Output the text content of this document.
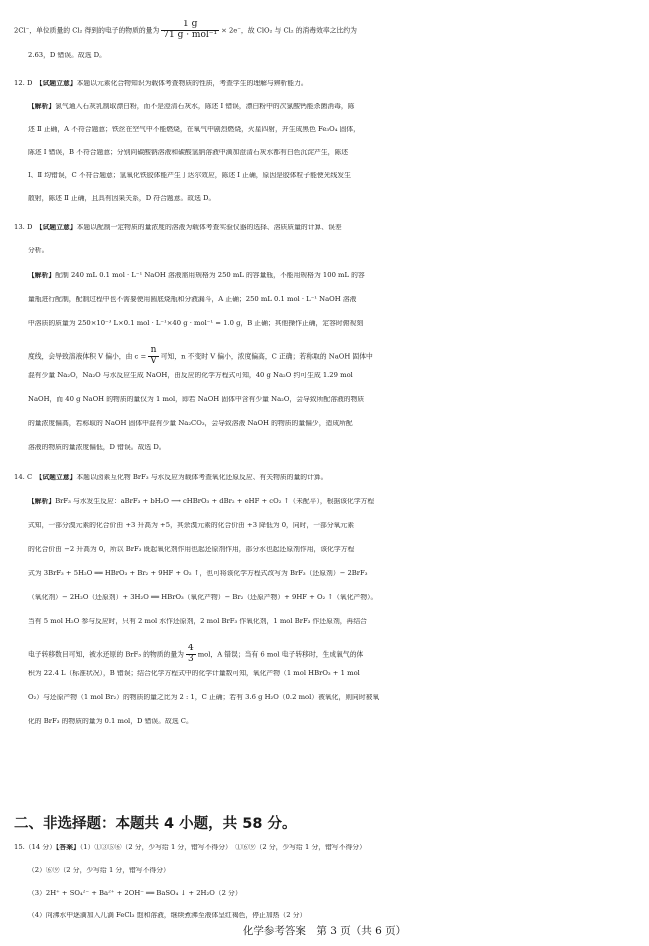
2Cl⁻，单位质量的 Cl₂ 得到的电子的物质的量为 $\frac{1 g}{\text{71 g · mol⁻¹}} \times 2e^-$，故 ClO₂ 与 Cl₂ 的消毒效率之比约为
2.63，D 错误。故选 D。
12. D　【试题立意】本题以元素化合物知识为载体考查物质的性质，考查学生的理解与辨析能力。
【解析】氯气通入石灰乳制取漂白粉，而不是澄清石灰水，陈述 Ⅰ 错误，漂白粉中的次氯酸钙能杀菌消毒，陈
述 Ⅱ 正确，A 不符合题意；铁丝在空气中不能燃烧，在氧气中剧烈燃烧，火星四射，并生成黑色 Fe₃O₄ 固体，
陈述 Ⅰ 错误，B 不符合题意；分别向碳酸钠溶液和碳酸氢钠溶液中滴加澄清石灰水都有白色沉淀产生，陈述
Ⅰ、Ⅱ 均错误，C 不符合题意；氢氧化铁胶体能产生丁达尔效应，陈述 Ⅰ 正确，原因是胶体粒子能使光线发生
散射，陈述 Ⅱ 正确，且具有因果关系，D 符合题意。故选 D。
13. D　【试题立意】本题以配制一定物质的量浓度的溶液为载体考查实验仪器的选择、溶质质量的计算、误差
分析。
【解析】配制 240 mL 0.1 mol · L⁻¹ NaOH 溶液需用规格为 250 mL 的容量瓶，不能用规格为 100 mL 的容
量瓶进行配制，配制过程中也不需要使用圆底烧瓶和分液漏斗，A 正确；250 mL 0.1 mol · L⁻¹ NaOH 溶液
中溶质的质量为 250×10⁻³ L×0.1 mol · L⁻¹×40 g · mol⁻¹ = 1.0 g，B 正确；其他操作正确，定容时俯视刻
度线，会导致溶液体积 V 偏小，由 $c = \frac{n}{V}$ 可知，n 不变时 V 偏小，浓度偏高，C 正确；若称取的 NaOH 固体中
混有少量 Na₂O，Na₂O 与水反应生成 NaOH，由反应的化学方程式可知，40 g Na₂O 约可生成 1.29 mol
NaOH，而 40 g NaOH 的物质的量仅为 1 mol，即若 NaOH 固体中含有少量 Na₂O，会导致所配溶液的物质
的量浓度偏高，若称取的 NaOH 固体中混有少量 Na₂CO₃，会导致溶液 NaOH 的物质的量偏少，造成所配
溶液的物质的量浓度偏低，D 错误。故选 D。
14. C　【试题立意】本题以卤素互化物 BrF₃ 与水反应为载体考查氧化还原反应、有关物质的量的计算。
【解析】BrF₃ 与水发生反应：aBrF₃ + bH₂O ⟶ cHBrO₃ + dBr₂ + eHF + cO₂ ↑（未配平），根据该化学方程
式知，一部分溴元素的化合价由 +3 升高为 +5，其余溴元素的化合价由 +3 降低为 0，同时，一部分氧元素
的化合价由 −2 升高为 0，所以 BrF₃ 既起氧化剂作用也起还原剂作用，部分水也起还原剂作用，该化学方程
式为 3BrF₃ + 5H₂O ══ HBrO₃ + Br₂ + 9HF + O₂ ↑，也可将该化学方程式改写为 BrF₃（还原剂）− 2BrF₃
（氧化剂）− 2H₂O（还原剂）+ 3H₂O ══ HBrO₃（氧化产物）− Br₂（还原产物）+ 9HF + O₂ ↑（氧化产物）。
当有 5 mol H₂O 参与反应时，只有 2 mol 水作还原剂，2 mol BrF₃ 作氧化剂，1 mol BrF₃ 作还原剂，再结合
电子转移数目可知，被水还原的 BrF₃ 的物质的量为 $\frac{4}{3}$ mol，A 错误；当有 6 mol 电子转移时，生成氧气的体
积为 22.4 L（标准状况），B 错误；结合化学方程式中的化学计量数可知，氧化产物（1 mol HBrO₃ + 1 mol
O₂）与还原产物（1 mol Br₂）的物质的量之比为 2 : 1，C 正确；若有 3.6 g H₂O（0.2 mol）被氧化，则同时被氧
化的 BrF₃ 的物质的量为 0.1 mol，D 错误。故选 C。
15.（14 分）【答案】（1）①③⑤⑥（2 分，少写给 1 分，错写不得分）　①⑥⑨（2 分，少写给 1 分，错写不得分）
（2）⑥⑨（2 分，少写给 1 分，错写不得分）
（3）2H⁺ + SO₄²⁻ + Ba²⁺ + 2OH⁻ ══ BaSO₄ ↓ + 2H₂O（2 分）
（4）向沸水中逐滴加入几滴 FeCl₃ 饱和溶液，继续煮沸至液体呈红褐色，停止加热（2 分）
二、非选择题：本题共 4 小题，共 58 分。
化学参考答案　第 3 页（共 6 页）
